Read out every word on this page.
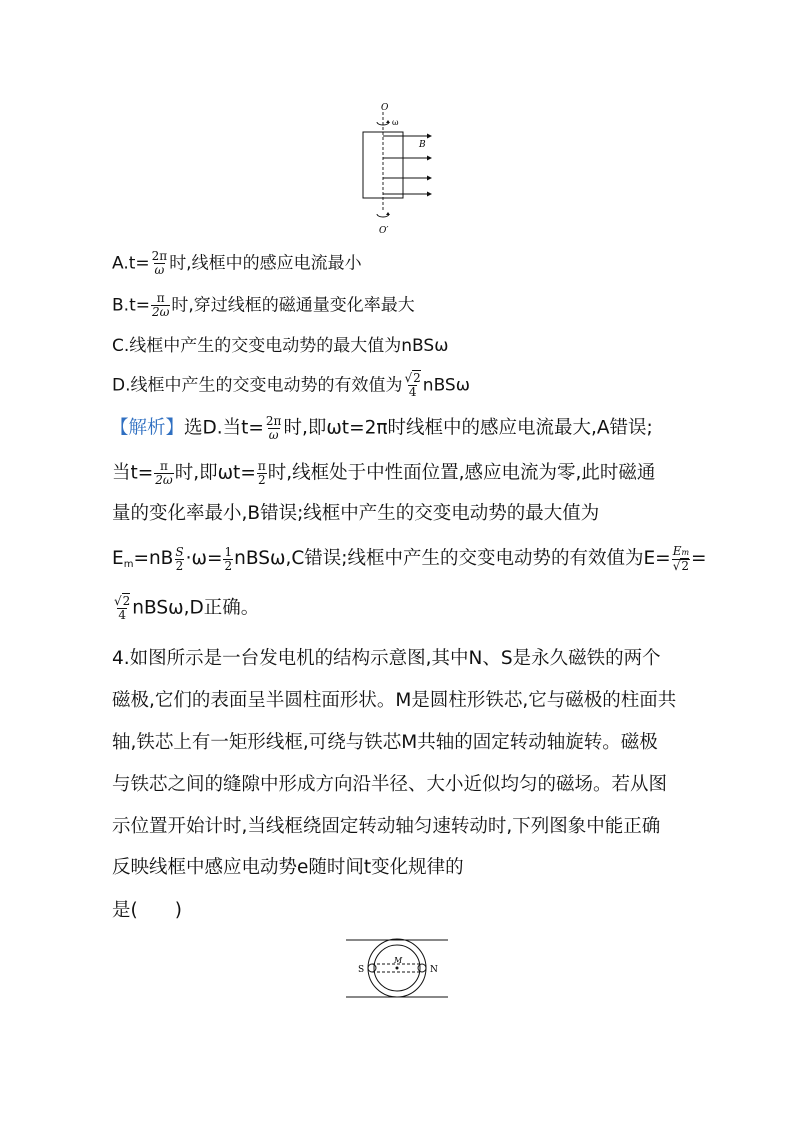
O
ω
B
O′
$A.t= \frac{2\pi}{\omega}$ 时,线框中的感应电流最小
$B.t= \frac{\pi}{2\omega}$ 时,穿过线框的磁通量变化率最大
C.线框中产生的交变电动势的最大值为nBSω
D.线框中产生的交变电动势的有效值为 $\frac{√2}{4}$ nBSω
【解析】选D.当$t= \frac{2\pi}{\omega}$ 时,即ωt=2π时线框中的感应电流最大,A错误;
当$t= \frac{\pi}{2\omega}$ 时,即$\omega t= \frac{\pi}{2}$ 时,线框处于中性面位置,感应电流为零,此时磁通
量的变化率最小,B错误;线框中产生的交变电动势的最大值为
$E_m=nB \frac{S}{2} \cdot\omega= \frac{1}{2} nBS\omega,C$错误;线框中产生的交变电动势的有效值为$E= \frac{Em}{√2}$ =
$\frac{√2}{4} nBS\omega,D$正确。
4.如图所示是一台发电机的结构示意图,其中N、S是永久磁铁的两个
磁极,它们的表面呈半圆柱面形状。M是圆柱形铁芯,它与磁极的柱面共
轴,铁芯上有一矩形线框,可绕与铁芯M共轴的固定转动轴旋转。磁极
与铁芯之间的缝隙中形成方向沿半径、大小近似均匀的磁场。若从图
示位置开始计时,当线框绕固定转动轴匀速转动时,下列图象中能正确
反映线框中感应电动势e随时间t变化规律的
是(　　)
S
M
N
